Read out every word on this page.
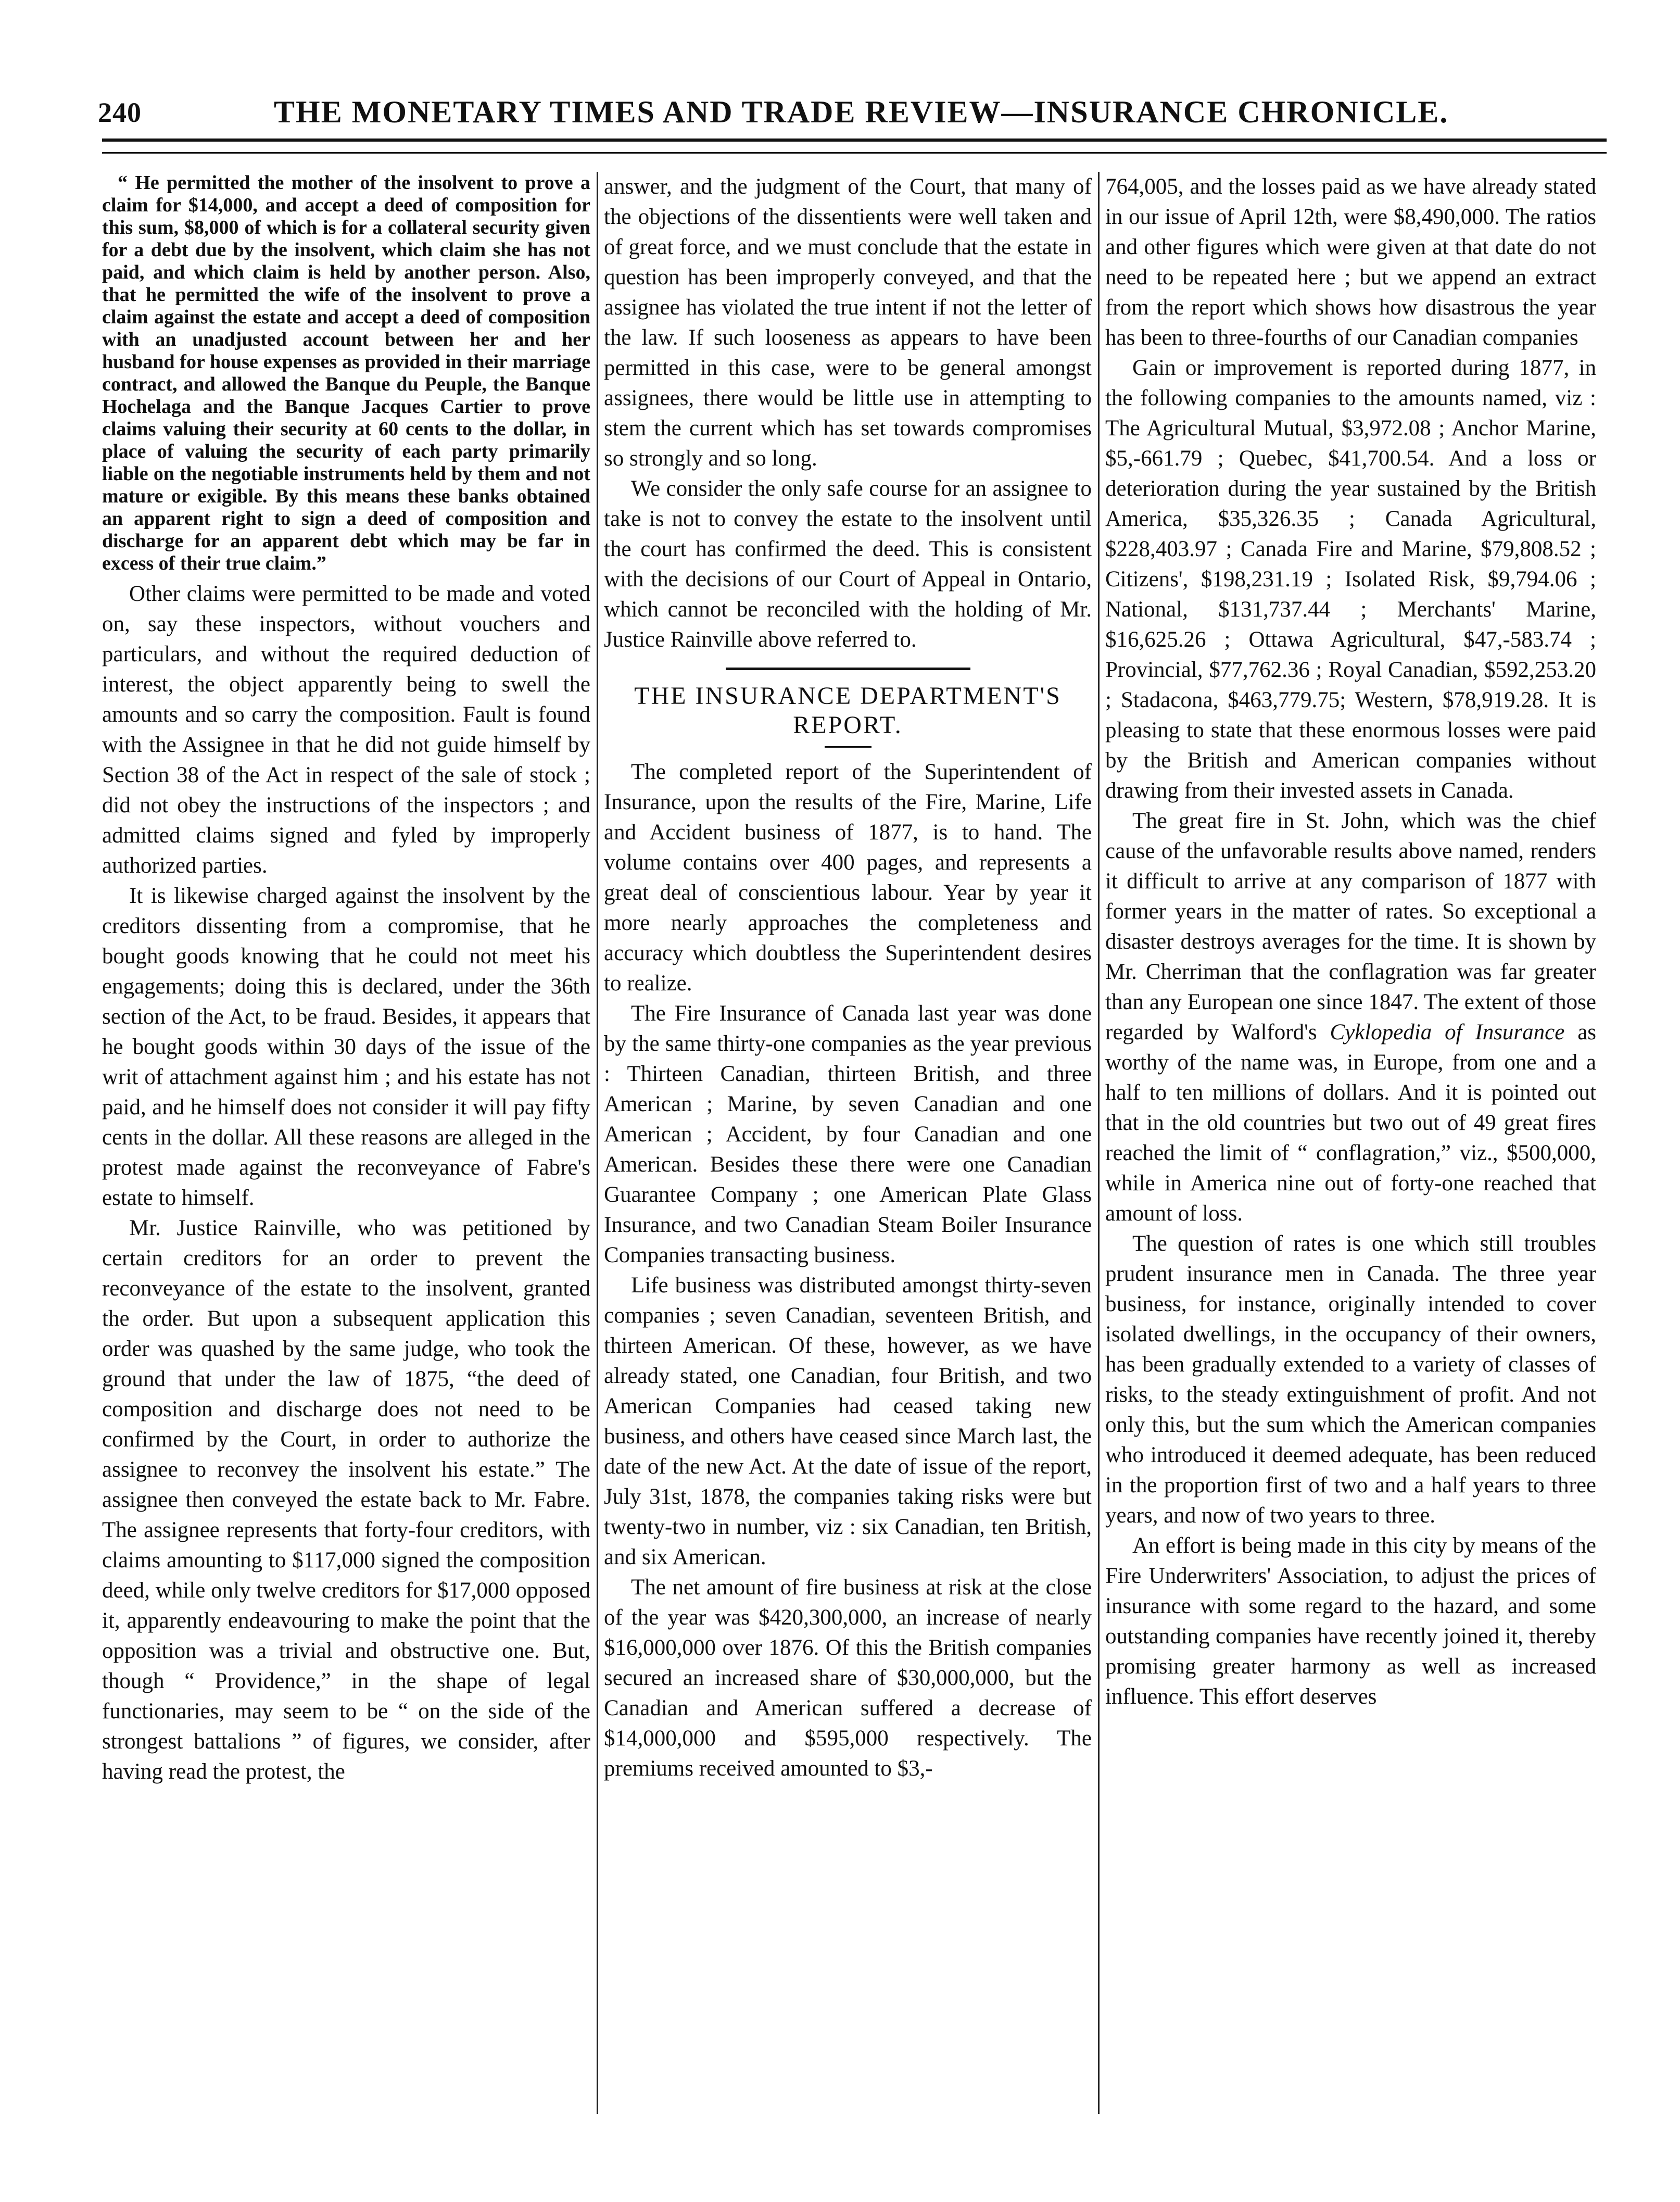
240	THE MONETARY TIMES AND TRADE REVIEW—INSURANCE CHRONICLE.

“ He permitted the mother of the insolvent to prove a claim for $14,000, and accept a deed of composition for this sum, $8,000 of which is for a collateral security given for a debt due by the insolvent, which claim she has not paid, and which claim is held by another person. Also, that he permitted the wife of the insolvent to prove a claim against the estate and accept a deed of composition with an unadjusted account between her and her husband for house expenses as provided in their marriage contract, and allowed the Banque du Peuple, the Banque Hochelaga and the Banque Jacques Cartier to prove claims valuing their security at 60 cents to the dollar, in place of valuing the security of each party primarily liable on the negotiable instruments held by them and not mature or exigible. By this means these banks obtained an apparent right to sign a deed of composition and discharge for an apparent debt which may be far in excess of their true claim.”

Other claims were permitted to be made and voted on, say these inspectors, without vouchers and particulars, and without the required deduction of interest, the object apparently being to swell the amounts and so carry the composition. Fault is found with the Assignee in that he did not guide himself by Section 38 of the Act in respect of the sale of stock ; did not obey the instructions of the inspectors ; and admitted claims signed and fyled by improperly authorized parties.

It is likewise charged against the insolvent by the creditors dissenting from a compromise, that he bought goods knowing that he could not meet his engagements; doing this is declared, under the 36th section of the Act, to be fraud. Besides, it appears that he bought goods within 30 days of the issue of the writ of attachment against him ; and his estate has not paid, and he himself does not consider it will pay fifty cents in the dollar. All these reasons are alleged in the protest made against the reconveyance of Fabre's estate to himself.

Mr. Justice Rainville, who was petitioned by certain creditors for an order to prevent the reconveyance of the estate to the insolvent, granted the order. But upon a subsequent application this order was quashed by the same judge, who took the ground that under the law of 1875, “the deed of composition and discharge does not need to be confirmed by the Court, in order to authorize the assignee to reconvey the insolvent his estate.” The assignee then conveyed the estate back to Mr. Fabre. The assignee represents that forty-four creditors, with claims amounting to $117,000 signed the composition deed, while only twelve creditors for $17,000 opposed it, apparently endeavouring to make the point that the opposition was a trivial and obstructive one. But, though “ Providence,” in the shape of legal functionaries, may seem to be “ on the side of the strongest battalions ” of figures, we consider, after having read the protest, the

answer, and the judgment of the Court, that many of the objections of the dissentients were well taken and of great force, and we must conclude that the estate in question has been improperly conveyed, and that the assignee has violated the true intent if not the letter of the law. If such looseness as appears to have been permitted in this case, were to be general amongst assignees, there would be little use in attempting to stem the current which has set towards compromises so strongly and so long.

We consider the only safe course for an assignee to take is not to convey the estate to the insolvent until the court has confirmed the deed. This is consistent with the decisions of our Court of Appeal in Ontario, which cannot be reconciled with the holding of Mr. Justice Rainville above referred to.

THE INSURANCE DEPARTMENT'S
REPORT.

The completed report of the Superintendent of Insurance, upon the results of the Fire, Marine, Life and Accident business of 1877, is to hand. The volume contains over 400 pages, and represents a great deal of conscientious labour. Year by year it more nearly approaches the completeness and accuracy which doubtless the Superintendent desires to realize.

The Fire Insurance of Canada last year was done by the same thirty-one companies as the year previous : Thirteen Canadian, thirteen British, and three American ; Marine, by seven Canadian and one American ; Accident, by four Canadian and one American. Besides these there were one Canadian Guarantee Company ; one American Plate Glass Insurance, and two Canadian Steam Boiler Insurance Companies transacting business.

Life business was distributed amongst thirty-seven companies ; seven Canadian, seventeen British, and thirteen American. Of these, however, as we have already stated, one Canadian, four British, and two American Companies had ceased taking new business, and others have ceased since March last, the date of the new Act. At the date of issue of the report, July 31st, 1878, the companies taking risks were but twenty-two in number, viz : six Canadian, ten British, and six American.

The net amount of fire business at risk at the close of the year was $420,300,000, an increase of nearly $16,000,000 over 1876. Of this the British companies secured an increased share of $30,000,000, but the Canadian and American suffered a decrease of $14,000,000 and $595,000 respectively. The premiums received amounted to $3,-

764,005, and the losses paid as we have already stated in our issue of April 12th, were $8,490,000. The ratios and other figures which were given at that date do not need to be repeated here ; but we append an extract from the report which shows how disastrous the year has been to three-fourths of our Canadian companies

Gain or improvement is reported during 1877, in the following companies to the amounts named, viz : The Agricultural Mutual, $3,972.08 ; Anchor Marine, $5,-661.79 ; Quebec, $41,700.54. And a loss or deterioration during the year sustained by the British America, $35,326.35 ; Canada Agricultural, $228,403.97 ; Canada Fire and Marine, $79,808.52 ; Citizens', $198,231.19 ; Isolated Risk, $9,794.06 ; National, $131,737.44 ; Merchants' Marine, $16,625.26 ; Ottawa Agricultural, $47,-583.74 ; Provincial, $77,762.36 ; Royal Canadian, $592,253.20 ; Stadacona, $463,779.75; Western, $78,919.28. It is pleasing to state that these enormous losses were paid by the British and American companies without drawing from their invested assets in Canada.

The great fire in St. John, which was the chief cause of the unfavorable results above named, renders it difficult to arrive at any comparison of 1877 with former years in the matter of rates. So exceptional a disaster destroys averages for the time. It is shown by Mr. Cherriman that the conflagration was far greater than any European one since 1847. The extent of those regarded by Walford's Cyklopedia of Insurance as worthy of the name was, in Europe, from one and a half to ten millions of dollars. And it is pointed out that in the old countries but two out of 49 great fires reached the limit of “ conflagration,” viz., $500,000, while in America nine out of forty-one reached that amount of loss.

The question of rates is one which still troubles prudent insurance men in Canada. The three year business, for instance, originally intended to cover isolated dwellings, in the occupancy of their owners, has been gradually extended to a variety of classes of risks, to the steady extinguishment of profit. And not only this, but the sum which the American companies who introduced it deemed adequate, has been reduced in the proportion first of two and a half years to three years, and now of two years to three.

An effort is being made in this city by means of the Fire Underwriters' Association, to adjust the prices of insurance with some regard to the hazard, and some outstanding companies have recently joined it, thereby promising greater harmony as well as increased influence. This effort deserves
